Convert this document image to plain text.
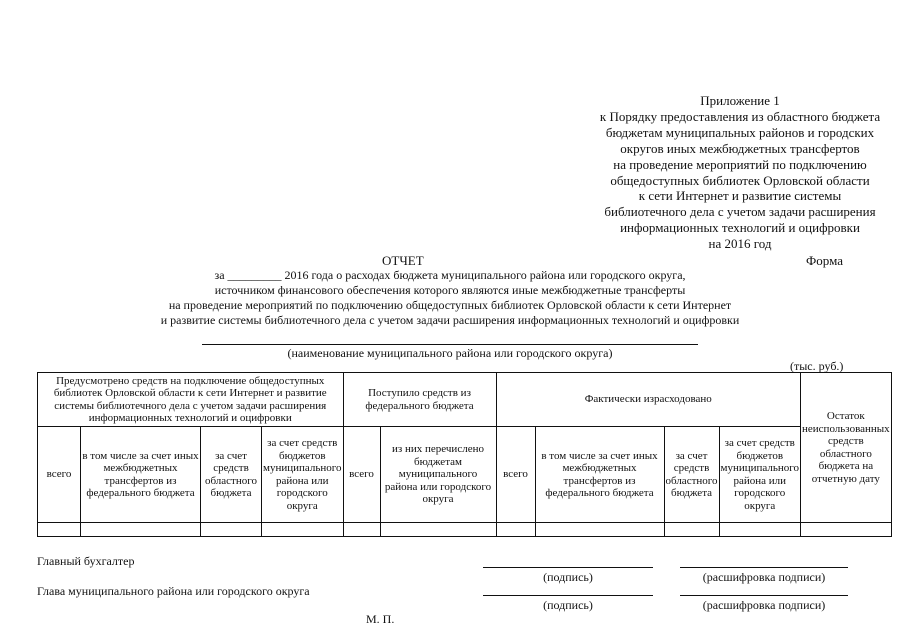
Приложение 1
к Порядку предоставления из областного бюджета
бюджетам муниципальных районов и городских
округов иных межбюджетных трансфертов
на проведение мероприятий по подключению
общедоступных библиотек Орловской области
к сети Интернет и развитие системы
библиотечного дела с учетом задачи расширения
информационных технологий и оцифровки
на 2016 год
ОТЧЕТ	Форма
за _________ 2016 года о расходах бюджета муниципального района или городского округа,
источником финансового обеспечения которого являются иные межбюджетные трансферты
на проведение мероприятий по подключению общедоступных библиотек Орловской области к сети Интернет
и развитие системы библиотечного дела с учетом задачи расширения информационных технологий и оцифровки
(наименование муниципального района или городского округа)
(тыс. руб.)
Предусмотрено средств на подключение общедоступных библиотек Орловской области к сети Интернет и развитие системы библиотечного дела с учетом задачи расширения информационных технологий и оцифровки				Поступило средств из федерального бюджета		Фактически израсходовано				Остаток неиспользованных средств областного бюджета на отчетную дату
всего	в том числе за счет иных межбюджетных трансфертов из федерального бюджета	за счет средств областного бюджета	за счет средств бюджетов муниципального района или городского округа	всего	из них перечислено бюджетам муниципального района или городского округа	всего	в том числе за счет иных межбюджетных трансфертов из федерального бюджета	за счет средств областного бюджета	за счет средств бюджетов муниципального района или городского округа	

Главный бухгалтер
(подпись)	(расшифровка подписи)
Глава муниципального района или городского округа
(подпись)	(расшифровка подписи)
М. П.
